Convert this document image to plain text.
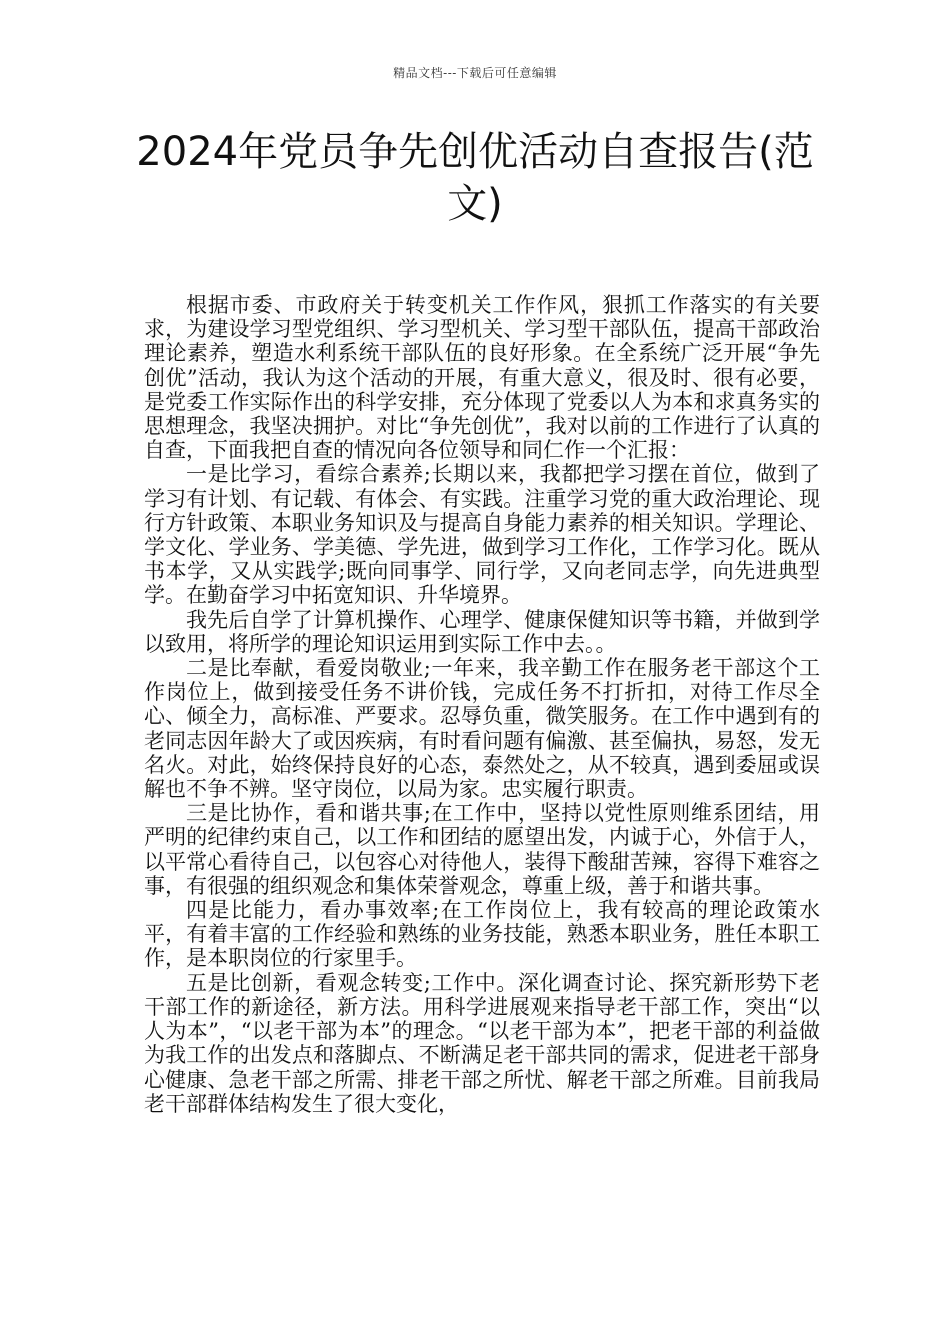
精品文档---下载后可任意编辑
2024年党员争先创优活动自查报告(范文)

根据市委、市政府关于转变机关工作作风，狠抓工作落实的有关要求，为建设学习型党组织、学习型机关、学习型干部队伍，提高干部政治理论素养，塑造水利系统干部队伍的良好形象。在全系统广泛开展“争先创优”活动，我认为这个活动的开展，有重大意义，很及时、很有必要，是党委工作实际作出的科学安排，充分体现了党委以人为本和求真务实的思想理念，我坚决拥护。对比“争先创优”，我对以前的工作进行了认真的自查，下面我把自查的情况向各位领导和同仁作一个汇报：

一是比学习，看综合素养;长期以来，我都把学习摆在首位，做到了学习有计划、有记载、有体会、有实践。注重学习党的重大政治理论、现行方针政策、本职业务知识及与提高自身能力素养的相关知识。学理论、学文化、学业务、学美德、学先进，做到学习工作化，工作学习化。既从书本学，又从实践学;既向同事学、同行学，又向老同志学，向先进典型学。在勤奋学习中拓宽知识、升华境界。

我先后自学了计算机操作、心理学、健康保健知识等书籍，并做到学以致用，将所学的理论知识运用到实际工作中去。。

二是比奉献，看爱岗敬业;一年来，我辛勤工作在服务老干部这个工作岗位上，做到接受任务不讲价钱，完成任务不打折扣，对待工作尽全心、倾全力，高标准、严要求。忍辱负重，微笑服务。在工作中遇到有的老同志因年龄大了或因疾病，有时看问题有偏激、甚至偏执，易怒，发无名火。对此，始终保持良好的心态，泰然处之，从不较真，遇到委屈或误解也不争不辨。坚守岗位，以局为家。忠实履行职责。

三是比协作，看和谐共事;在工作中，坚持以党性原则维系团结，用严明的纪律约束自己，以工作和团结的愿望出发，内诚于心，外信于人，以平常心看待自己，以包容心对待他人，装得下酸甜苦辣，容得下难容之事，有很强的组织观念和集体荣誉观念，尊重上级，善于和谐共事。

四是比能力，看办事效率;在工作岗位上，我有较高的理论政策水平，有着丰富的工作经验和熟练的业务技能，熟悉本职业务，胜任本职工作，是本职岗位的行家里手。

五是比创新，看观念转变;工作中。深化调查讨论、探究新形势下老干部工作的新途径，新方法。用科学进展观来指导老干部工作，突出“以人为本”，“以老干部为本”的理念。“以老干部为本”，把老干部的利益做为我工作的出发点和落脚点、不断满足老干部共同的需求，促进老干部身心健康、急老干部之所需、排老干部之所忧、解老干部之所难。目前我局老干部群体结构发生了很大变化，
